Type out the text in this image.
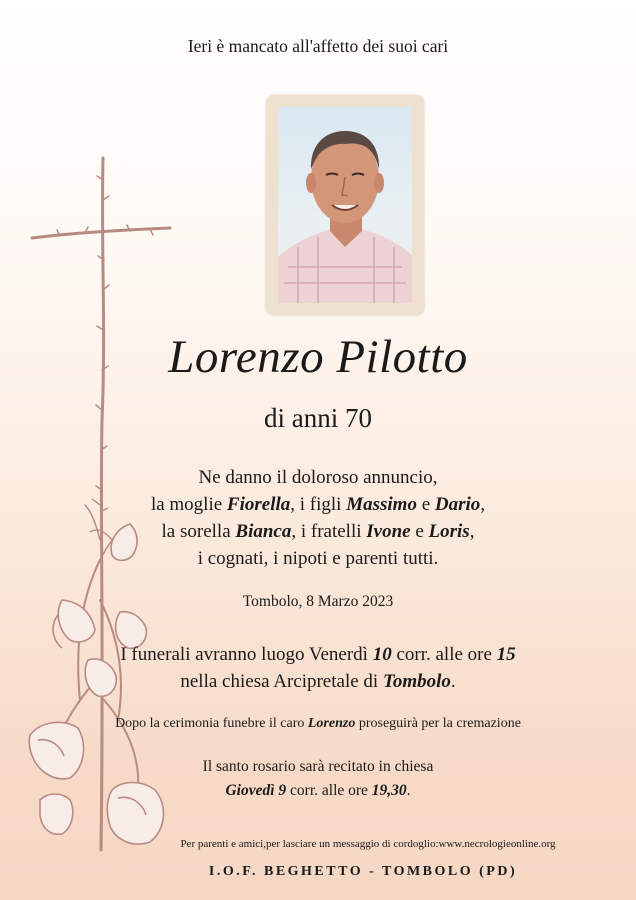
Ieri è mancato all'affetto dei suoi cari
Lorenzo Pilotto
di anni 70
Ne danno il doloroso annuncio,
la moglie Fiorella, i figli Massimo e Dario,
la sorella Bianca, i fratelli Ivone e Loris,
i cognati, i nipoti e parenti tutti.
Tombolo, 8 Marzo 2023
I funerali avranno luogo Venerdì 10 corr. alle ore 15
nella chiesa Arcipretale di Tombolo.
Dopo la cerimonia funebre il caro Lorenzo proseguirà per la cremazione
Il santo rosario sarà recitato in chiesa
Giovedì 9 corr. alle ore 19,30.
Per parenti e amici,per lasciare un messaggio di cordoglio:www.necrologieonline.org
I.O.F. BEGHETTO - TOMBOLO (PD)
